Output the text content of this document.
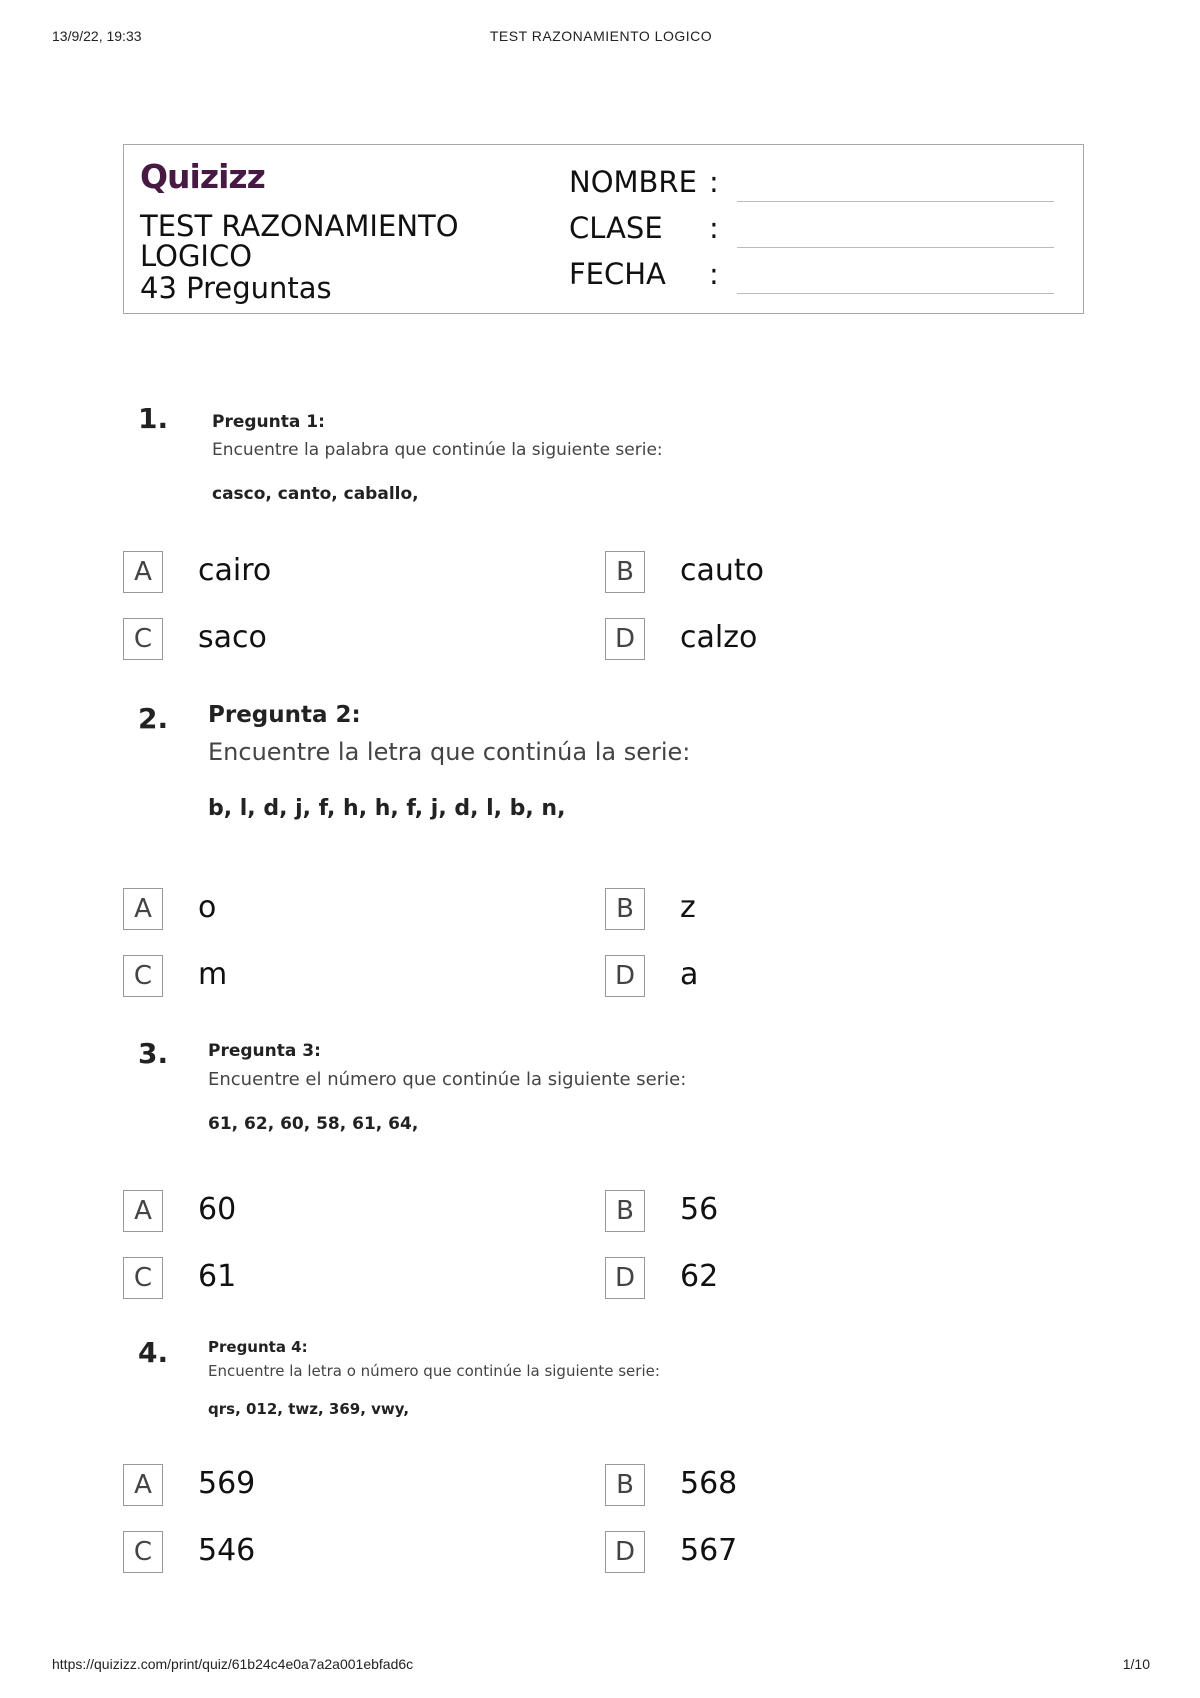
13/9/22, 19:33	TEST RAZONAMIENTO LOGICO
Quizizz
TEST RAZONAMIENTO LOGICO
43 Preguntas
NOMBRE :
CLASE :
FECHA :
1.	Pregunta 1:
Encuentre la palabra que continúe la siguiente serie:
casco, canto, caballo,
A	cairo	B	cauto
C	saco	D	calzo
2. Pregunta 2:
Encuentre la letra que continúa la serie:
b, l, d, j, f, h, h, f, j, d, l, b, n,
A	o	B	z
C	m	D	a
3. Pregunta 3:
Encuentre el número que continúe la siguiente serie:
61, 62, 60, 58, 61, 64,
A	60	B	56
C	61	D	62
4.	Pregunta 4:
Encuentre la letra o número que continúe la siguiente serie:
qrs, 012, twz, 369, vwy,
A	569	B	568
C	546	D	567
https://quizizz.com/print/quiz/61b24c4e0a7a2a001ebfad6c	1/10
